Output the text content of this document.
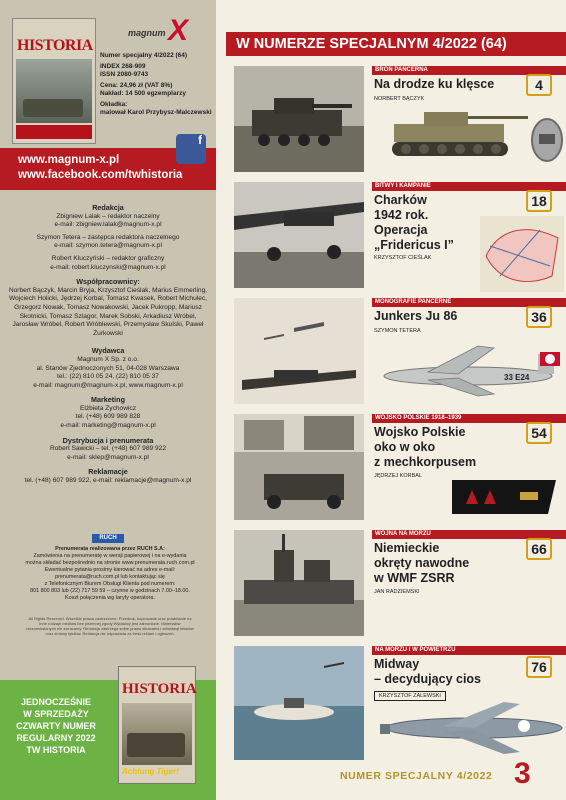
HISTORIA
magnum X

Numer specjalny 4/2022 (64)

INDEX 268-909
ISSN 2080-9743

Cena: 24,96 zł (VAT 8%)
Nakład: 14 500 egzemplarzy

Okładka:
malował Karol Przybysz-Malczewski

f
www.magnum-x.pl
www.facebook.com/twhistoria
Redakcja
Zbigniew Lalak – redaktor naczelny
e-mail: zbigniew.lalak@magnum-x.pl
Szymon Tetera – zastępca redaktora naczelnego
e-mail: szymon.tetera@magnum-x.pl
Robert Kluczyński – redaktor graficzny
e-mail: robert.kluczynski@magnum-x.pl
Współpracownicy:
Norbert Bączyk, Marcin Bryja, Krzysztof Cieślak, Marius Emmerling, Wojciech Holicki, Jędrzej Korbal, Tomasz Kwasek, Robert Michulec, Grzegorz Nowak, Tomasz Nowakowski, Jacek Pukropp, Mariusz Skotnicki, Tomasz Szlagor, Marek Sobski, Arkadiusz Wróbel, Jarosław Wróbel, Robert Wróblewski, Przemysław Skulski, Paweł Żurkowski
Wydawca
Magnum X Sp. z o.o.
al. Stanów Zjednoczonych 51, 04-028 Warszawa
tel.: (22) 810 05 24, (22) 810 05 37
e-mail: magnum@magnum-x.pl, www.magnum-x.pl
Marketing
Elżbieta Zychowicz
tel. (+48) 609 989 828
e-mail: marketing@magnum-x.pl
Dystrybucja i prenumerata
Robert Sawicki – tel. (+48) 607 989 922
e-mail: sklep@magnum-x.pl
Reklamacje
tel. (+48) 607 989 922, e-mail: reklamacje@magnum-x.pl
RUCH
Prenumerata realizowana przez RUCH S.A:
Zamówienia na prenumeratę w wersji papierowej i na e-wydania
można składać bezpośrednio na stronie www.prenumerata.ruch.com.pl
Ewentualne pytania prosimy kierować na adres e-mail:
prenumerata@ruch.com.pl lub kontaktując się
z Telefonicznym Biurem Obsługi Klienta pod numerem:
801 800 803 lub (22) 717 59 59 – czynne w godzinach 7.00–18.00.
Koszt połączenia wg taryfy operatora.
All Rights Reserved. Wszelkie prawa zastrzeżone. Przedruk, kopiowanie oraz powielanie na inne rodzaje mediów bez pisemnej zgody Wydawcy jest zabronione. Materiałów niezamówionych nie zwracamy. Redakcja zastrzega sobie prawo skracania i adiustacji tekstów oraz zmiany tytułów. Redakcja nie odpowiada za treść reklam i ogłoszeń.
JEDNOCZEŚNIE
W SPRZEDAŻY
CZWARTY NUMER
REGULARNY 2022
TW HISTORIA
HISTORIA
Achtung Tiger!
W NUMERZE SPECJALNYM 4/2022 (64)
BROŃ PANCERNA
Na drodze ku klęsce
NORBERT BĄCZYK
4
BITWY I KAMPANIE
Charków
1942 rok.
Operacja
„Fridericus I”
KRZYSZTOF CIEŚLAK
18
MONOGRAFIE PANCERNE
Junkers Ju 86
SZYMON TETERA
36
33 E24
WOJSKO POLSKIE 1918–1939
Wojsko Polskie
oko w oko
z mechkorpusem
JĘDRZEJ KORBAL
54
WOJNA NA MORZU
Niemieckie
okręty nawodne
w WMF ZSRR
JAN RADZIEMSKI
66
NA MORZU I W POWIETRZU
Midway
– decydujący cios
KRZYSZTOF ZALEWSKI
76
NUMER SPECJALNY 4/2022 3
